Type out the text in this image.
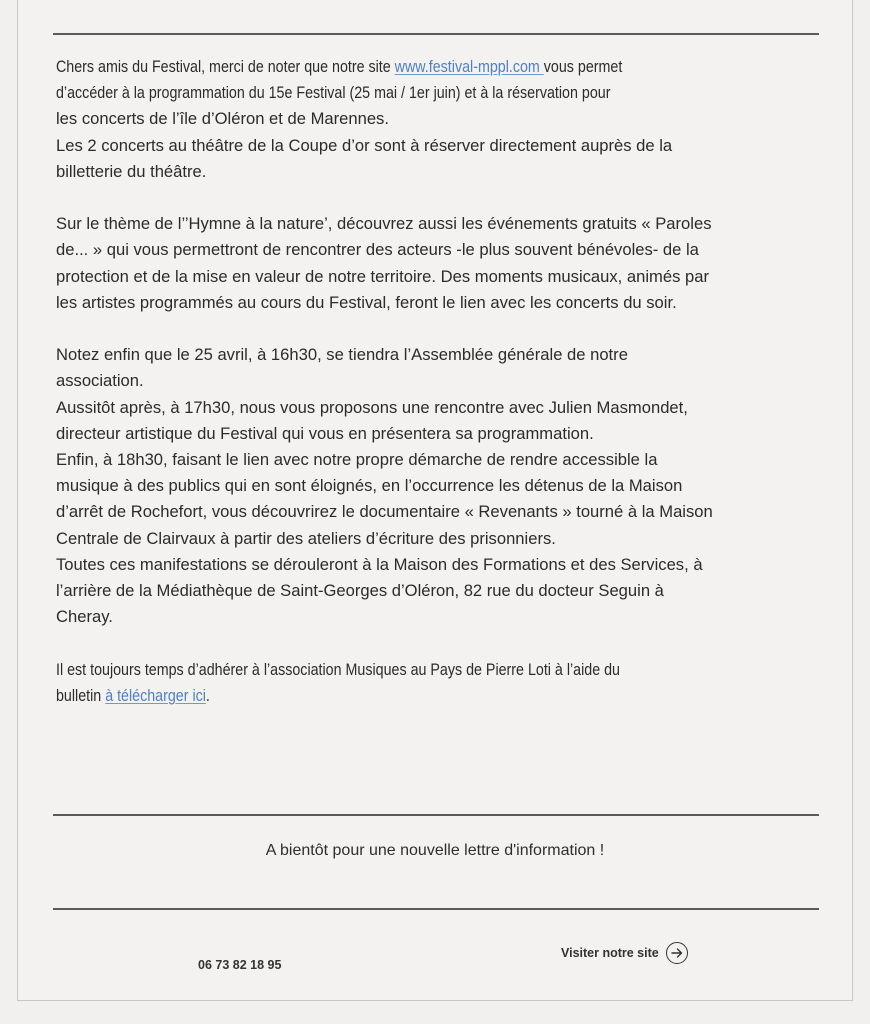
Chers amis du Festival, merci de noter que notre site www.festival-mppl.com vous permet

d’accéder à la programmation du 15e Festival (25 mai / 1er juin) et à la réservation pour

les concerts de l’île d’Oléron et de Marennes.

Les 2 concerts au théâtre de la Coupe d’or sont à réserver directement auprès de la

billetterie du théâtre.

Sur le thème de l’’Hymne à la nature’, découvrez aussi les événements gratuits « Paroles

de... » qui vous permettront de rencontrer des acteurs -le plus souvent bénévoles- de la

protection et de la mise en valeur de notre territoire. Des moments musicaux, animés par

les artistes programmés au cours du Festival, feront le lien avec les concerts du soir.

Notez enfin que le 25 avril, à 16h30, se tiendra l’Assemblée générale de notre

association.

Aussitôt après, à 17h30, nous vous proposons une rencontre avec Julien Masmondet,

directeur artistique du Festival qui vous en présentera sa programmation.

Enfin, à 18h30, faisant le lien avec notre propre démarche de rendre accessible la

musique à des publics qui en sont éloignés, en l’occurrence les détenus de la Maison

d’arrêt de Rochefort, vous découvrirez le documentaire « Revenants » tourné à la Maison

Centrale de Clairvaux à partir des ateliers d’écriture des prisonniers.

Toutes ces manifestations se dérouleront à la Maison des Formations et des Services, à

l’arrière de la Médiathèque de Saint-Georges d’Oléron, 82 rue du docteur Seguin à

Cheray.

Il est toujours temps d’adhérer à l’association Musiques au Pays de Pierre Loti à l’aide du

bulletin à télécharger ici.

A bientôt pour une nouvelle lettre d'information !
06 73 82 18 95
Visiter notre site
